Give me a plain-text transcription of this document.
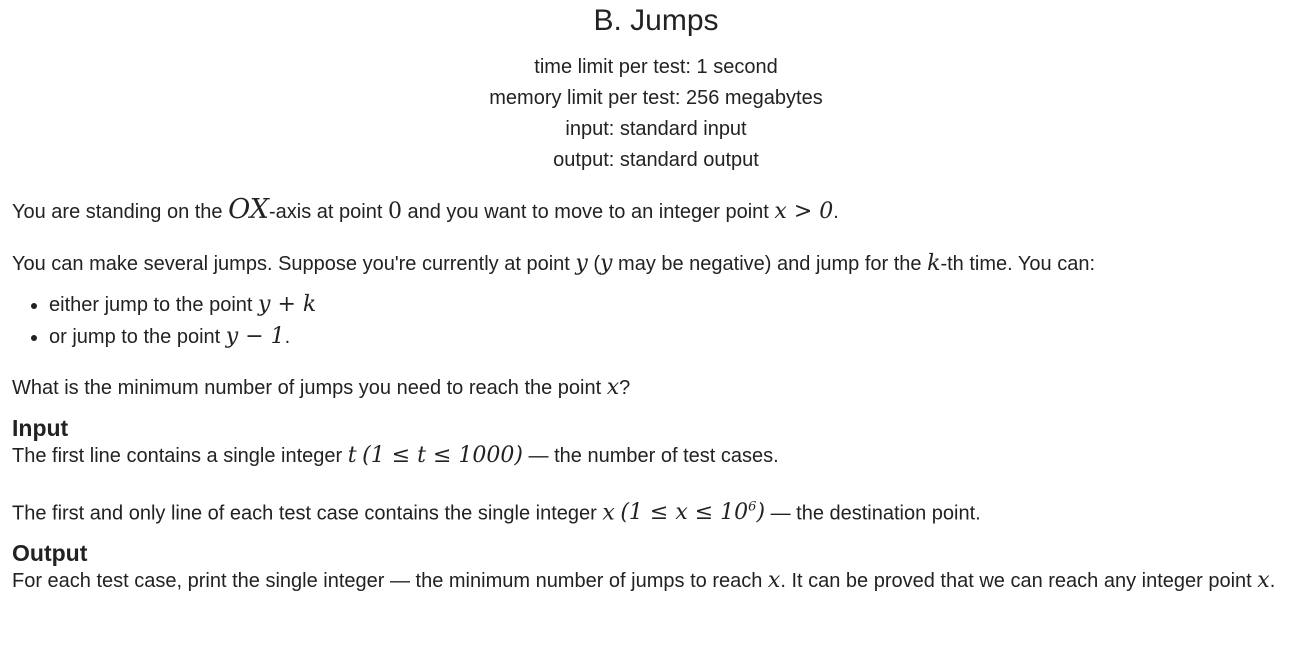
B. Jumps
time limit per test: 1 second
memory limit per test: 256 megabytes
input: standard input
output: standard output

You are standing on the OX-axis at point 0 and you want to move to an integer point x > 0.

You can make several jumps. Suppose you're currently at point y (y may be negative) and jump for the k-th time. You can:

• either jump to the point y + k
• or jump to the point y − 1.

What is the minimum number of jumps you need to reach the point x?

Input

The first line contains a single integer t (1 ≤ t ≤ 1000) — the number of test cases.

The first and only line of each test case contains the single integer x $(1 \le x \le 10^6)$ — the destination point.

Output

For each test case, print the single integer — the minimum number of jumps to reach x. It can be proved that we can reach any integer point x.
